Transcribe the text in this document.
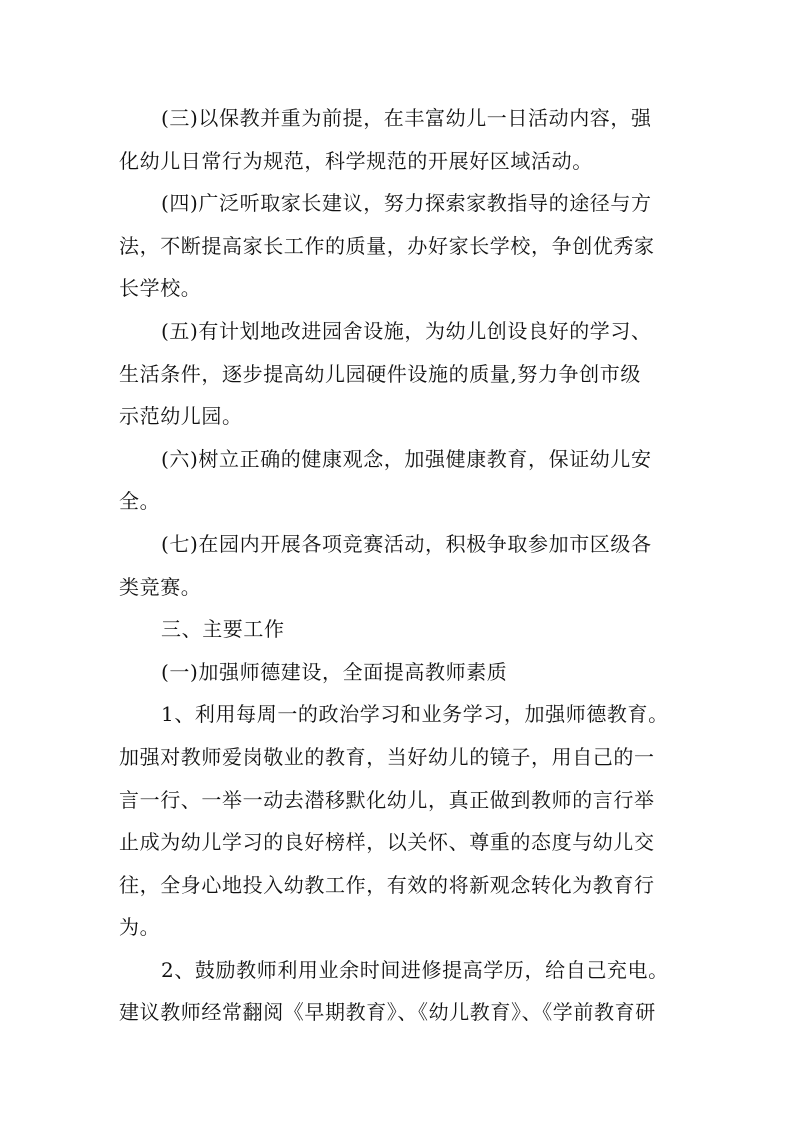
(三)以保教并重为前提，在丰富幼儿一日活动内容，强
化幼儿日常行为规范，科学规范的开展好区域活动。
(四)广泛听取家长建议，努力探索家教指导的途径与方
法，不断提高家长工作的质量，办好家长学校，争创优秀家
长学校。
(五)有计划地改进园舍设施，为幼儿创设良好的学习、
生活条件，逐步提高幼儿园硬件设施的质量,努力争创市级
示范幼儿园。
(六)树立正确的健康观念，加强健康教育，保证幼儿安
全。
(七)在园内开展各项竞赛活动，积极争取参加市区级各
类竞赛。
三、主要工作
(一)加强师德建设，全面提高教师素质
1、利用每周一的政治学习和业务学习，加强师德教育。
加强对教师爱岗敬业的教育，当好幼儿的镜子，用自己的一
言一行、一举一动去潜移默化幼儿，真正做到教师的言行举
止成为幼儿学习的良好榜样，以关怀、尊重的态度与幼儿交
往，全身心地投入幼教工作，有效的将新观念转化为教育行
为。
2、鼓励教师利用业余时间进修提高学历，给自己充电。
建议教师经常翻阅《早期教育》、《幼儿教育》、《学前教育研
